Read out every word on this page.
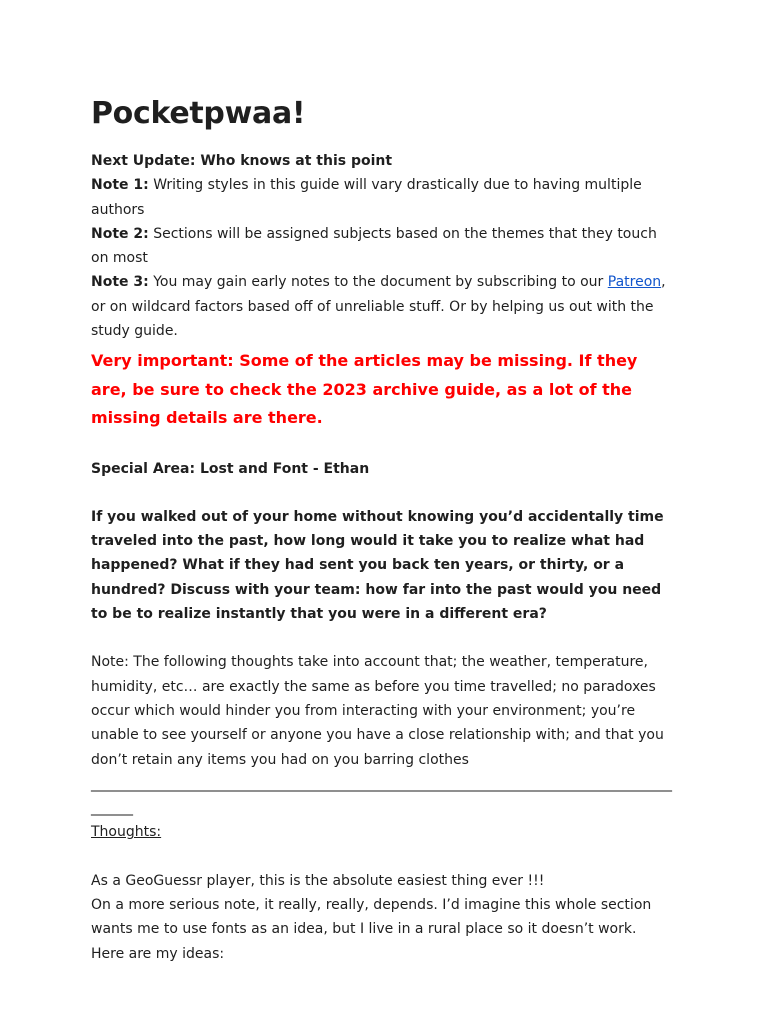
Pocketpwaa!

Next Update: Who knows at this point

Note 1: Writing styles in this guide will vary drastically due to having multiple authors

Note 2: Sections will be assigned subjects based on the themes that they touch on most

Note 3: You may gain early notes to the document by subscribing to our Patreon, or on wildcard factors based off of unreliable stuff. Or by helping us out with the study guide.

Very important: Some of the articles may be missing. If they are, be sure to check the 2023 archive guide, as a lot of the missing details are there.

Special Area: Lost and Font - Ethan

If you walked out of your home without knowing you’d accidentally time traveled into the past, how long would it take you to realize what had happened? What if they had sent you back ten years, or thirty, or a hundred? Discuss with your team: how far into the past would you need to be to realize instantly that you were in a different era?

Note: The following thoughts take into account that; the weather, temperature, humidity, etc… are exactly the same as before you time travelled; no paradoxes occur which would hinder you from interacting with your environment; you’re unable to see yourself or anyone you have a close relationship with; and that you don’t retain any items you had on you barring clothes

_________________________________________________________________________________________

Thoughts:

As a GeoGuessr player, this is the absolute easiest thing ever !!!

On a more serious note, it really, really, depends. I’d imagine this whole section wants me to use fonts as an idea, but I live in a rural place so it doesn’t work.

Here are my ideas:
